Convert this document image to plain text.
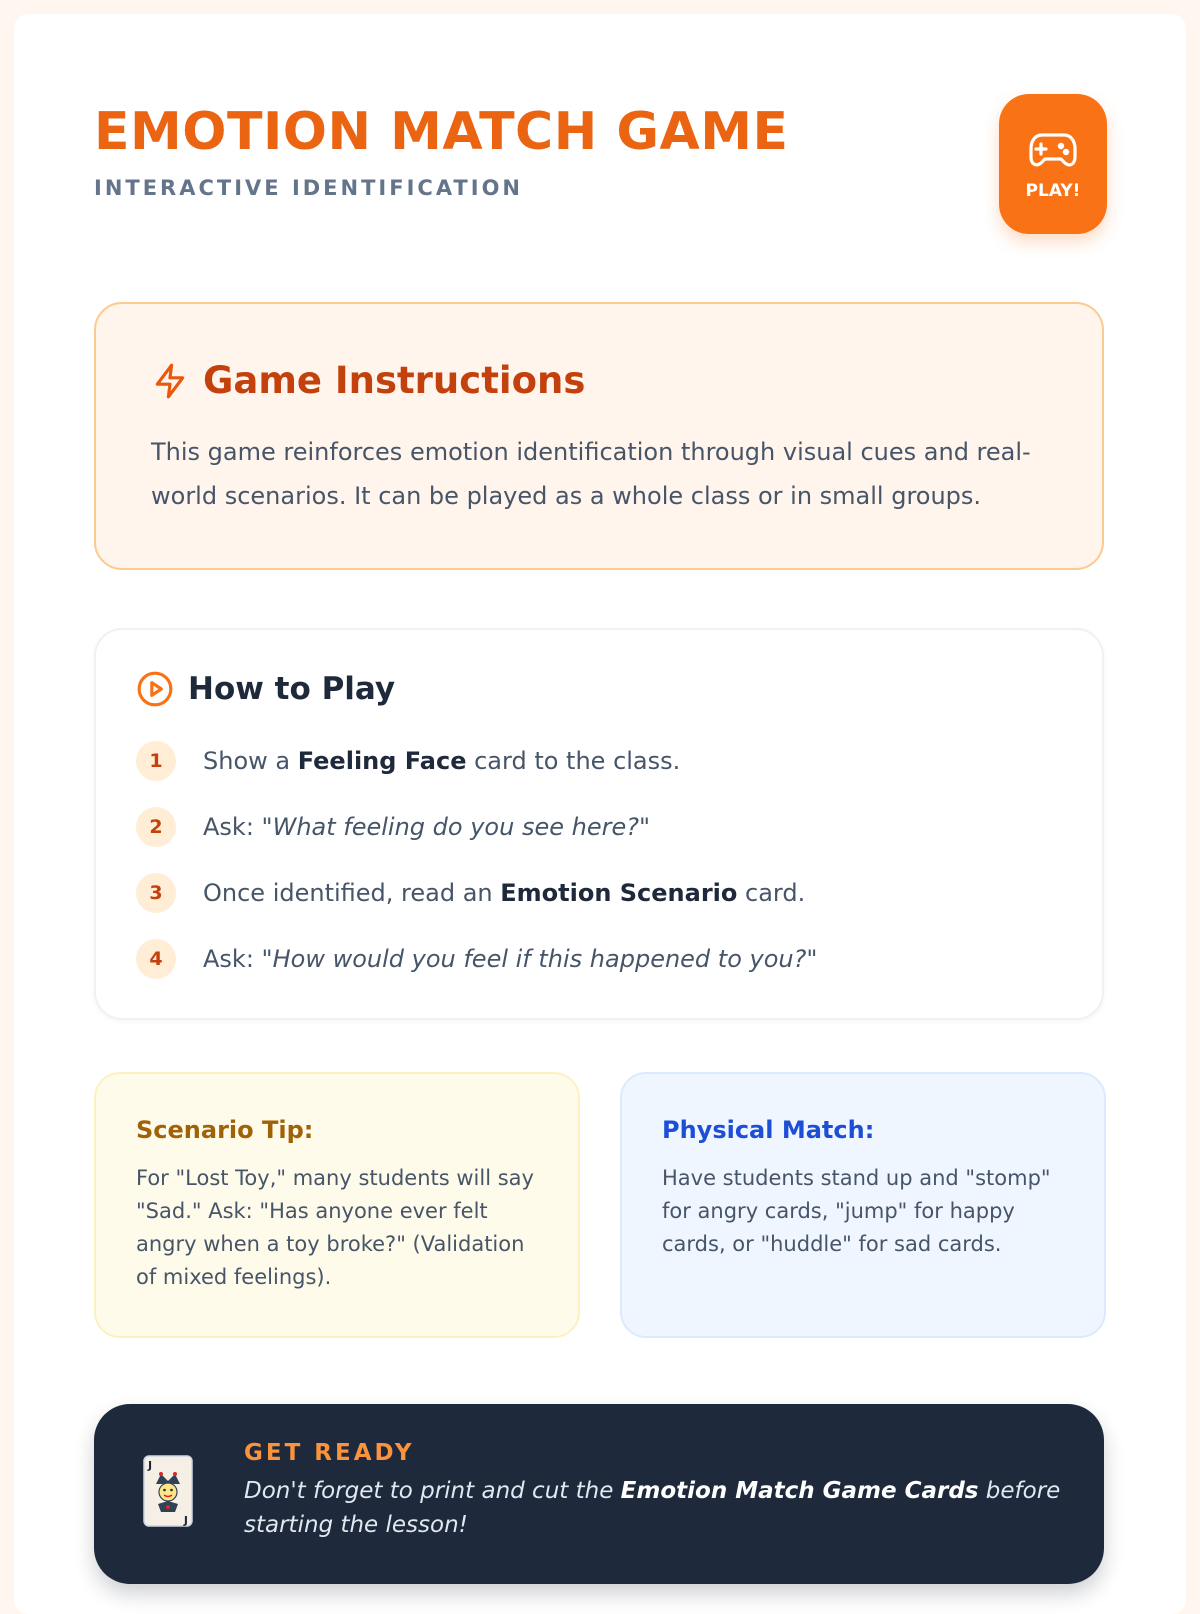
EMOTION MATCH GAME
INTERACTIVE IDENTIFICATION	PLAY!
Game Instructions

This game reinforces emotion identification through visual cues and real-world scenarios. It can be played as a whole class or in small groups.

How to Play
1	Show a Feeling Face card to the class.
2	Ask: "What feeling do you see here?"
3	Once identified, read an Emotion Scenario card.
4	Ask: "How would you feel if this happened to you?"
Scenario Tip:

For "Lost Toy," many students will say "Sad." Ask: "Has anyone ever felt angry when a toy broke?" (Validation of mixed feelings).

Physical Match:

Have students stand up and "stomp" for angry cards, "jump" for happy cards, or "huddle" for sad cards.

J
J
GET READY

Don't forget to print and cut the Emotion Match Game Cards before starting the lesson!
